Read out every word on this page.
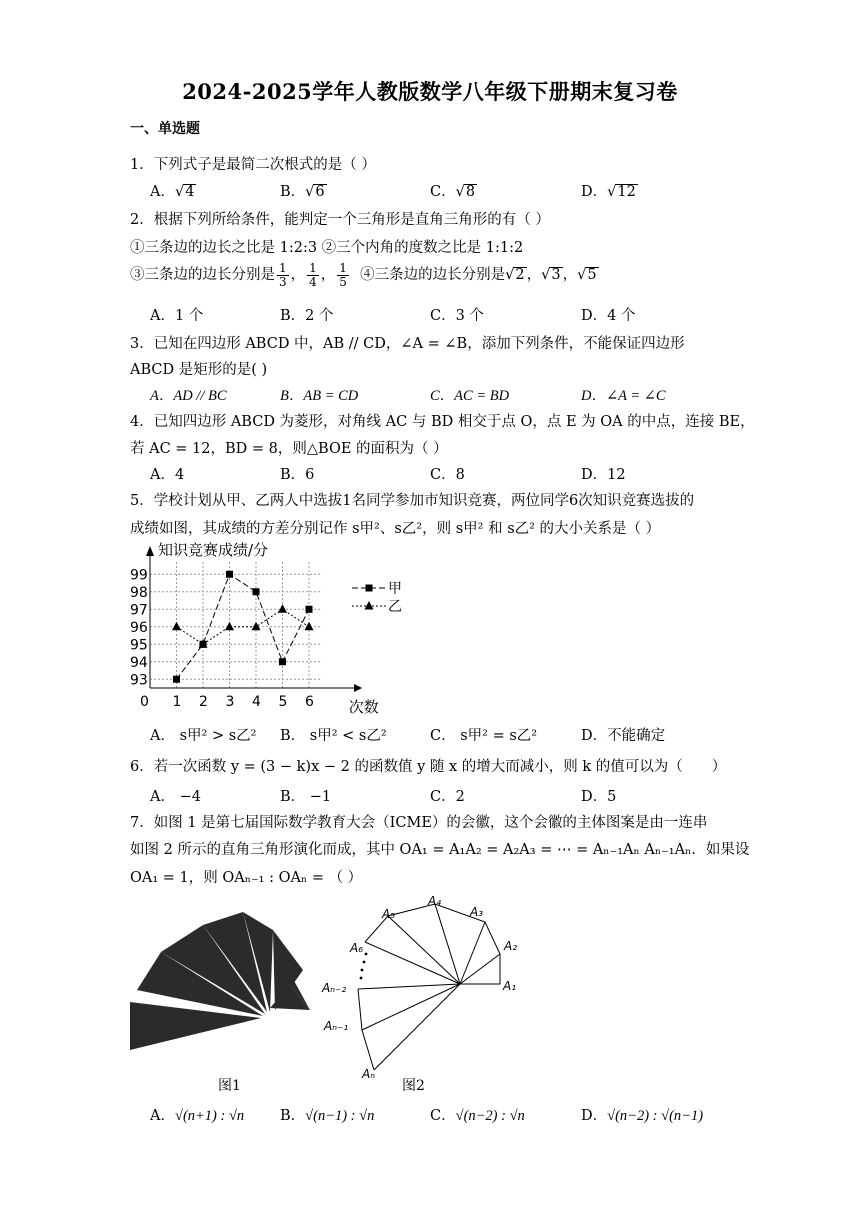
2024-2025学年人教版数学八年级下册期末复习卷
一、单选题
1．下列式子是最简二次根式的是（ ）
A．√4	B．√6	C．√8	D．√12
2．根据下列所给条件，能判定一个三角形是直角三角形的有（ ）
①三条边的边长之比是 1:2:3 ②三个内角的度数之比是 1:1:2
③三条边的边长分别是 $\frac{1}{3}$ ， $\frac{1}{4}$ ， $\frac{1}{5}$ ④三条边的边长分别是√2 ，√3 ，√5
A．1 个	B．2 个	C．3 个	D．4 个
3．已知在四边形 ABCD 中，AB // CD，∠A = ∠B，添加下列条件，不能保证四边形
ABCD 是矩形的是( )
A．AD // BC	B．AB = CD	C．AC = BD	D．∠A = ∠C
4．已知四边形 ABCD 为菱形，对角线 AC 与 BD 相交于点 O，点 E 为 OA 的中点，连接 BE，
若 AC = 12，BD = 8，则△BOE 的面积为（ ）
A．4	B．6	C．8	D．12
5．学校计划从甲、乙两人中选拔1名同学参加市知识竞赛，两位同学6次知识竞赛选拔的
成绩如图，其成绩的方差分别记作 s甲²、s乙²，则 s甲² 和 s乙² 的大小关系是（ ）
93
94
95
96
97
98
99
0 1 2 3 4 5 6
知识竞赛成绩/分
次数
甲
乙
A． s甲² > s乙² B． s甲² < s乙²	C． s甲² = s乙²	D．不能确定
6．若一次函数 y = (3 − k)x − 2 的函数值 y 随 x 的增大而减小，则 k 的值可以为（　　）
A． −4	B． −1	C．2	D．5
7．如图 1 是第七届国际数学教育大会（ICME）的会徽，这个会徽的主体图案是由一连串
如图 2 所示的直角三角形演化而成，其中 OA₁ = A₁A₂ = A₂A₃ = ⋯ = Aₙ₋₁Aₙ Aₙ₋₁Aₙ．如果设
OA₁ = 1，则 OAₙ₋₁ : OAₙ = （ ）
图1
A₁
A₂
A₃
A₄
A₅
A₆
Aₙ₋₂
Aₙ₋₁
Aₙ
图2
A．√(n+1) : √n B．√(n−1) : √n	C．√(n−2) : √n	D．√(n−2) : √(n−1)
